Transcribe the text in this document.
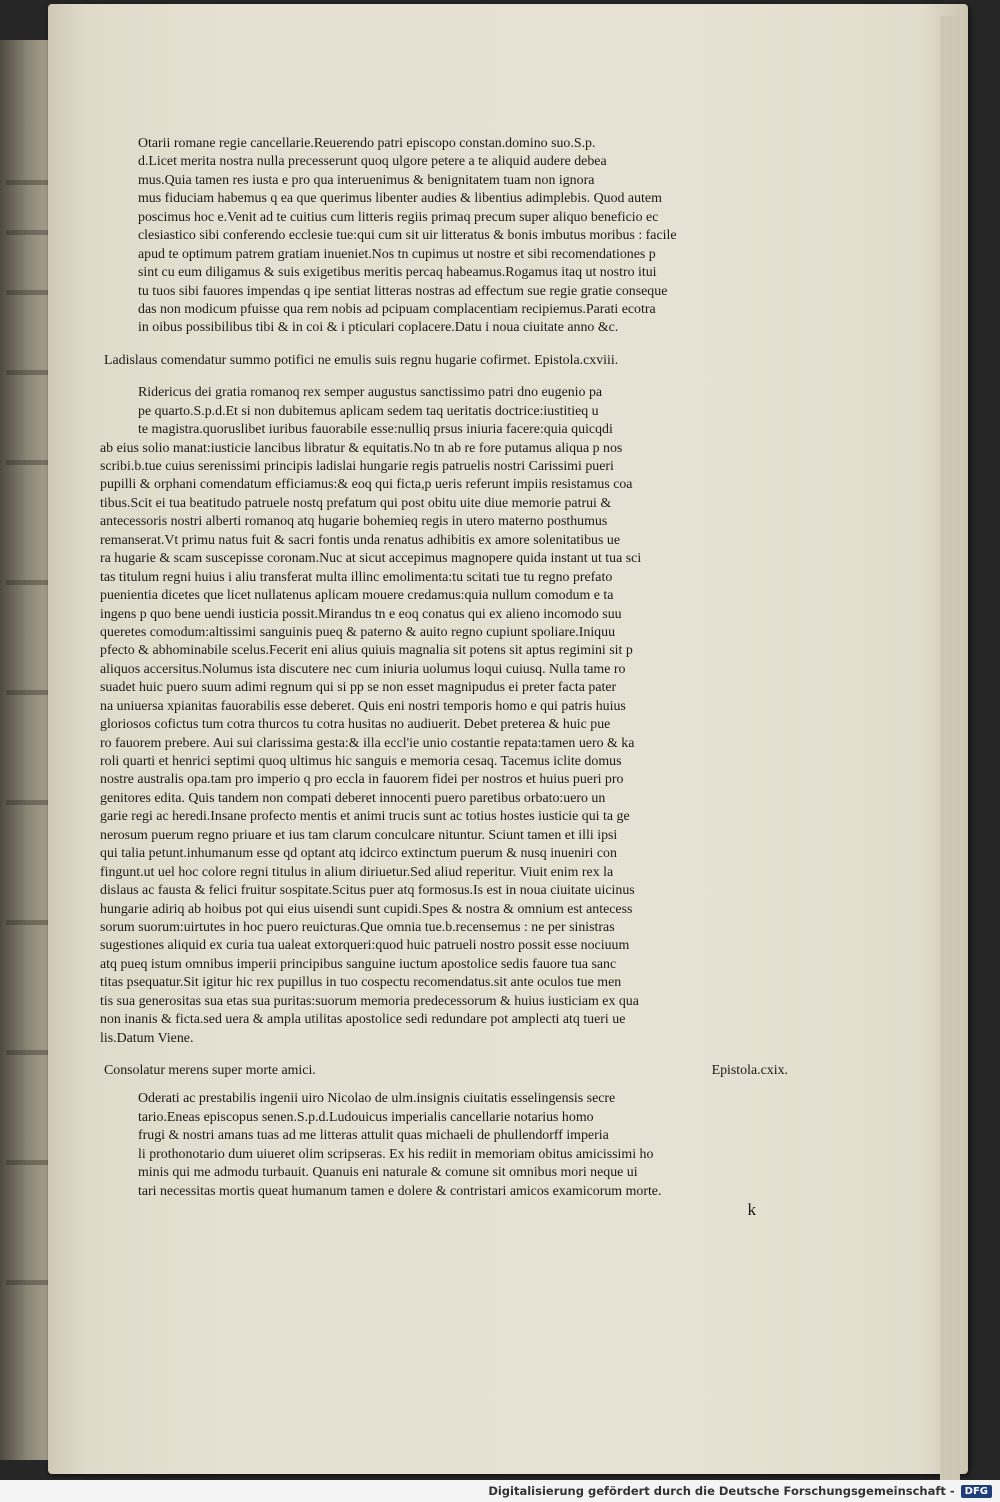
Otarii romane regie cancellarie.Reuerendo patri episcopo constan.domino suo.S.p.
d.Licet merita nostra nulla precesserunt quoq ulgore petere a te aliquid audere debea
mus.Quia tamen res iusta e pro qua interuenimus & benignitatem tuam non ignora
mus fiduciam habemus q ea que querimus libenter audies & libentius adimplebis. Quod autem
poscimus hoc e.Venit ad te cuitius cum litteris regiis primaq precum super aliquo beneficio ec
clesiastico sibi conferendo ecclesie tue:qui cum sit uir litteratus & bonis imbutus moribus : facile
apud te optimum patrem gratiam inueniet.Nos tn cupimus ut nostre et sibi recomendationes p
sint cu eum diligamus & suis exigetibus meritis percaq habeamus.Rogamus itaq ut nostro itui
tu tuos sibi fauores impendas q ipe sentiat litteras nostras ad effectum sue regie gratie conseque
das non modicum pfuisse qua rem nobis ad pcipuam complacentiam recipiemus.Parati ecotra
in oibus possibilibus tibi & in coi & i pticulari coplacere.Datu i noua ciuitate anno &c.
Ladislaus comendatur summo potifici ne emulis suis regnu hugarie cofirmet. Epistola.cxviii.
Ridericus dei gratia romanoq rex semper augustus sanctissimo patri dno eugenio pa
pe quarto.S.p.d.Et si non dubitemus aplicam sedem taq ueritatis doctrice:iustitieq u
te magistra.quoruslibet iuribus fauorabile esse:nulliq prsus iniuria facere:quia quicqdi
ab eius solio manat:iusticie lancibus libratur & equitatis.No tn ab re fore putamus aliqua p nos
scribi.b.tue cuius serenissimi principis ladislai hungarie regis patruelis nostri Carissimi pueri
pupilli & orphani comendatum efficiamus:& eoq qui ficta,p ueris referunt impiis resistamus coa
tibus.Scit ei tua beatitudo patruele nostq prefatum qui post obitu uite diue memorie patrui &
antecessoris nostri alberti romanoq atq hugarie bohemieq regis in utero materno posthumus
remanserat.Vt primu natus fuit & sacri fontis unda renatus adhibitis ex amore solenitatibus ue
ra hugarie & scam suscepisse coronam.Nuc at sicut accepimus magnopere quida instant ut tua sci
tas titulum regni huius i aliu transferat multa illinc emolimenta:tu scitati tue tu regno prefato
puenientia dicetes que licet nullatenus aplicam mouere credamus:quia nullum comodum e ta
ingens p quo bene uendi iusticia possit.Mirandus tn e eoq conatus qui ex alieno incomodo suu
queretes comodum:altissimi sanguinis pueq & paterno & auito regno cupiunt spoliare.Iniquu
pfecto & abhominabile scelus.Fecerit eni alius quiuis magnalia sit potens sit aptus regimini sit p
aliquos accersitus.Nolumus ista discutere nec cum iniuria uolumus loqui cuiusq. Nulla tame ro
suadet huic puero suum adimi regnum qui si pp se non esset magnipudus ei preter facta pater
na uniuersa xpianitas fauorabilis esse deberet. Quis eni nostri temporis homo e qui patris huius
gloriosos cofictus tum cotra thurcos tu cotra husitas no audiuerit. Debet preterea & huic pue
ro fauorem prebere. Aui sui clarissima gesta:& illa eccl'ie unio costantie repata:tamen uero & ka
roli quarti et henrici septimi quoq ultimus hic sanguis e memoria cesaq. Tacemus iclite domus
nostre australis opa.tam pro imperio q pro eccla in fauorem fidei per nostros et huius pueri pro
genitores edita. Quis tandem non compati deberet innocenti puero paretibus orbato:uero un
garie regi ac heredi.Insane profecto mentis et animi trucis sunt ac totius hostes iusticie qui ta ge
nerosum puerum regno priuare et ius tam clarum conculcare nituntur. Sciunt tamen et illi ipsi
qui talia petunt.inhumanum esse qd optant atq idcirco extinctum puerum & nusq inueniri con
fingunt.ut uel hoc colore regni titulus in alium diriuetur.Sed aliud reperitur. Viuit enim rex la
dislaus ac fausta & felici fruitur sospitate.Scitus puer atq formosus.Is est in noua ciuitate uicinus
hungarie adiriq ab hoibus pot qui eius uisendi sunt cupidi.Spes & nostra & omnium est antecess
sorum suorum:uirtutes in hoc puero reuicturas.Que omnia tue.b.recensemus : ne per sinistras
sugestiones aliquid ex curia tua ualeat extorqueri:quod huic patrueli nostro possit esse nociuum
atq pueq istum omnibus imperii principibus sanguine iuctum apostolice sedis fauore tua sanc
titas psequatur.Sit igitur hic rex pupillus in tuo cospectu recomendatus.sit ante oculos tue men
tis sua generositas sua etas sua puritas:suorum memoria predecessorum & huius iusticiam ex qua
non inanis & ficta.sed uera & ampla utilitas apostolice sedi redundare pot amplecti atq tueri ue
lis.Datum Viene.
Consolatur merens super morte amici.	Epistola.cxix.
Oderati ac prestabilis ingenii uiro Nicolao de ulm.insignis ciuitatis esselingensis secre
tario.Eneas episcopus senen.S.p.d.Ludouicus imperialis cancellarie notarius homo
frugi & nostri amans tuas ad me litteras attulit quas michaeli de phullendorff imperia
li prothonotario dum uiueret olim scripseras. Ex his rediit in memoriam obitus amicissimi ho
minis qui me admodu turbauit. Quanuis eni naturale & comune sit omnibus mori neque ui
tari necessitas mortis queat humanum tamen e dolere & contristari amicos examicorum morte.
k
Digitalisierung gefördert durch die Deutsche Forschungsgemeinschaft -	DFG
